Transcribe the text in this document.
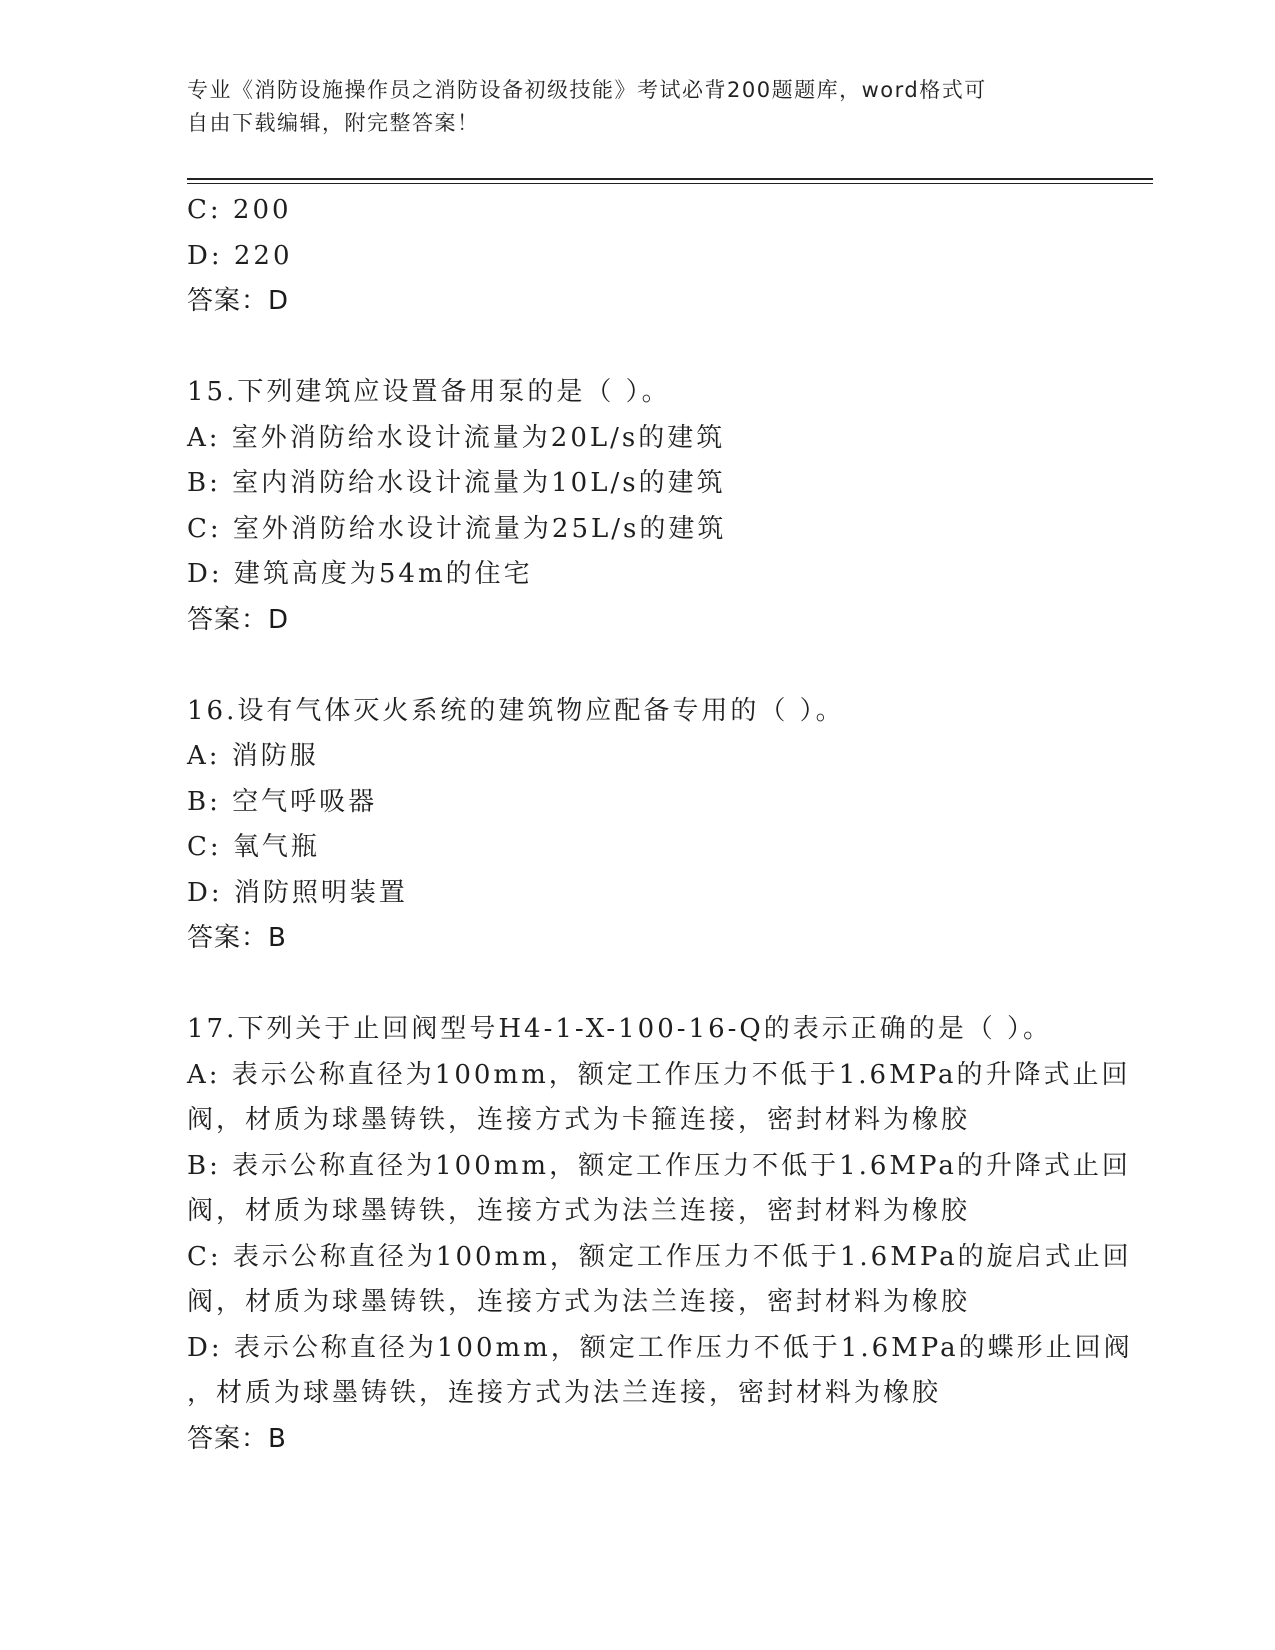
专业《消防设施操作员之消防设备初级技能》考试必背200题题库，word格式可
自由下载编辑，附完整答案！
C: 200
D: 220
答案：D
15.下列建筑应设置备用泵的是（ ）。
A: 室外消防给水设计流量为20L/s的建筑
B: 室内消防给水设计流量为10L/s的建筑
C: 室外消防给水设计流量为25L/s的建筑
D: 建筑高度为54m的住宅
答案：D
16.设有气体灭火系统的建筑物应配备专用的（ ）。
A: 消防服
B: 空气呼吸器
C: 氧气瓶
D: 消防照明装置
答案：B
17.下列关于止回阀型号H4-1-X-100-16-Q的表示正确的是（ ）。
A: 表示公称直径为100mm，额定工作压力不低于1.6MPa的升降式止回
阀，材质为球墨铸铁，连接方式为卡箍连接，密封材料为橡胶
B: 表示公称直径为100mm，额定工作压力不低于1.6MPa的升降式止回
阀，材质为球墨铸铁，连接方式为法兰连接，密封材料为橡胶
C: 表示公称直径为100mm，额定工作压力不低于1.6MPa的旋启式止回
阀，材质为球墨铸铁，连接方式为法兰连接，密封材料为橡胶
D: 表示公称直径为100mm，额定工作压力不低于1.6MPa的蝶形止回阀
，材质为球墨铸铁，连接方式为法兰连接，密封材料为橡胶
答案：B
